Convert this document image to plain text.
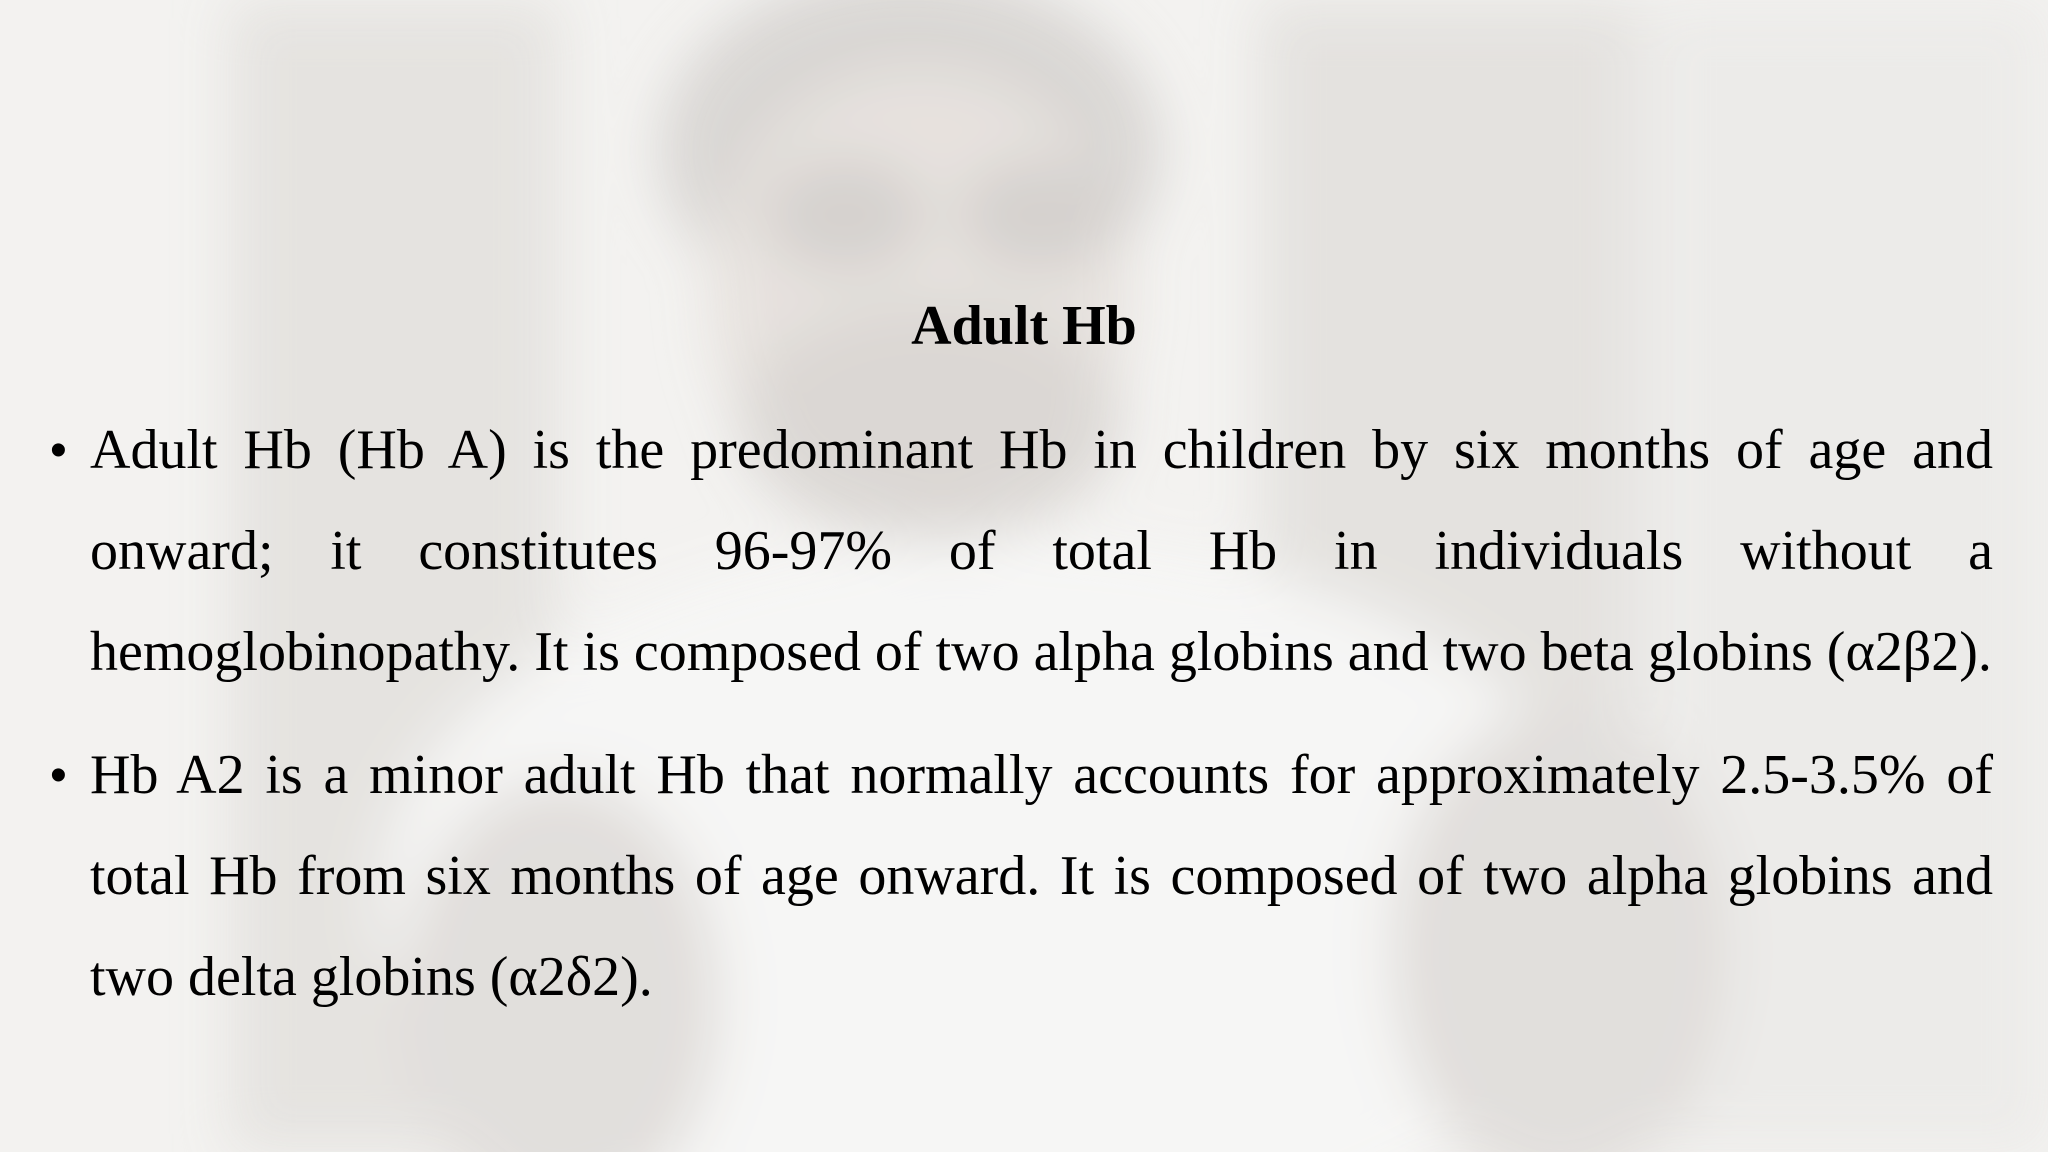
Adult Hb
• Adult Hb (Hb A) is the predominant Hb in children by six months of age and onward; it constitutes 96-97% of total Hb in individuals without a hemoglobinopathy. It is composed of two alpha globins and two beta globins (α2β2).
• Hb A2 is a minor adult Hb that normally accounts for approximately 2.5-3.5% of total Hb from six months of age onward. It is composed of two alpha globins and two delta globins (α2δ2).
